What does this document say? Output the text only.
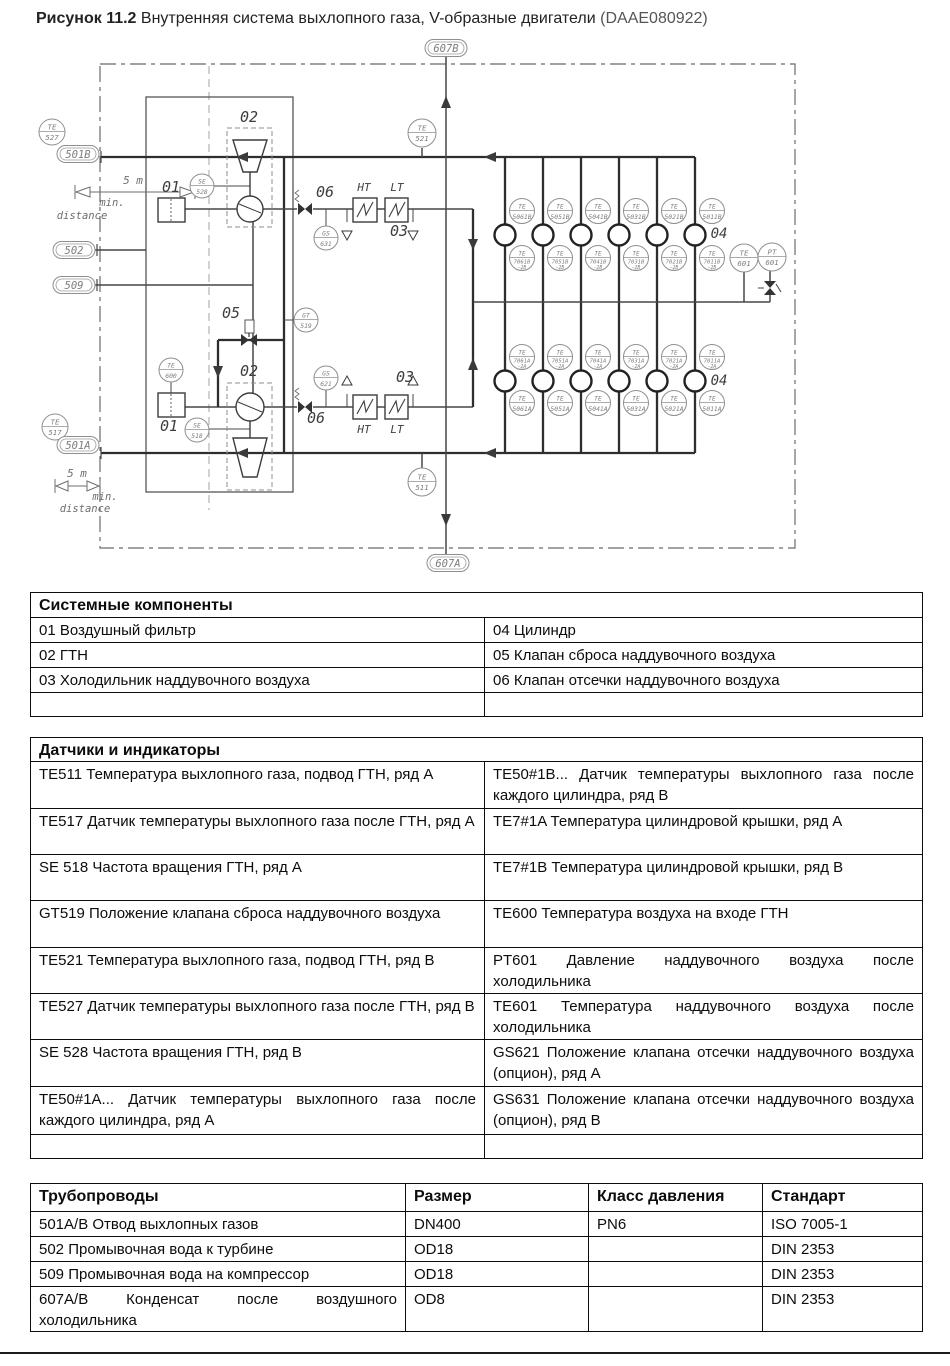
Рисунок 11.2 Внутренняя система выхлопного газа, V-образные двигатели (DAAE080922)
TE
527
TE
521
TE
517
TE
511
SE
528
SE
518
GS
631
GS
621
GT
519
TE
600
TE
601
PT
601
607B
607A
501B
501A
502
509
TE
5061B
TE
7061B
-2B
TE
7061A
-2A
TE
5061A
TE
5051B
TE
7051B
-2B
TE
7051A
-2A
TE
5051A
TE
5041B
TE
7041B
-2B
TE
7041A
-2A
TE
5041A
TE
5031B
TE
7031B
-2B
TE
7031A
-2A
TE
5031A
TE
5021B
TE
7021B
-2B
TE
7021A
-2A
TE
5021A
TE
5011B
TE
7011B
-2B
TE
7011A
-2A
TE
5011A
02
02
01
01
05
06
06
03
03
04
04
HT LT
HT LT
5 m
min.
distance
5 m
min.
distance
Системные компоненты	
01 Воздушный фильтр	04 Цилиндр
02 ГТН	05 Клапан сброса наддувочного воздуха
03 Холодильник наддувочного воздуха	06 Клапан отсечки наддувочного воздуха

Датчики и индикаторы	
TE511 Температура выхлопного газа, подвод ГТН, ряд A	TE50#1B... Датчик температуры выхлопного газа после каждого цилиндра, ряд B
TE517 Датчик температуры выхлопного газа после ГТН, ряд A	TE7#1A Температура цилиндровой крышки, ряд A
SE 518 Частота вращения ГТН, ряд A	TE7#1B Температура цилиндровой крышки, ряд B
GT519 Положение клапана сброса наддувочного воздуха	TE600 Температура воздуха на входе ГТН
TE521 Температура выхлопного газа, подвод ГТН, ряд B	PT601 Давление наддувочного воздуха после холодильника
TE527 Датчик температуры выхлопного газа после ГТН, ряд B	TE601 Температура наддувочного воздуха после холодильника
SE 528 Частота вращения ГТН, ряд B	GS621 Положение клапана отсечки наддувочного воздуха (опцион), ряд A
TE50#1A... Датчик температуры выхлопного газа после каждого цилиндра, ряд A	GS631 Положение клапана отсечки наддувочного воздуха (опцион), ряд B

Трубопроводы	Размер	Класс давления	Стандарт
501A/B Отвод выхлопных газов	DN400	PN6	ISO 7005-1
502 Промывочная вода к турбине	OD18		DIN 2353
509 Промывочная вода на компрессор	OD18		DIN 2353
607A/B Конденсат после воздушного холодильника	OD8		DIN 2353
